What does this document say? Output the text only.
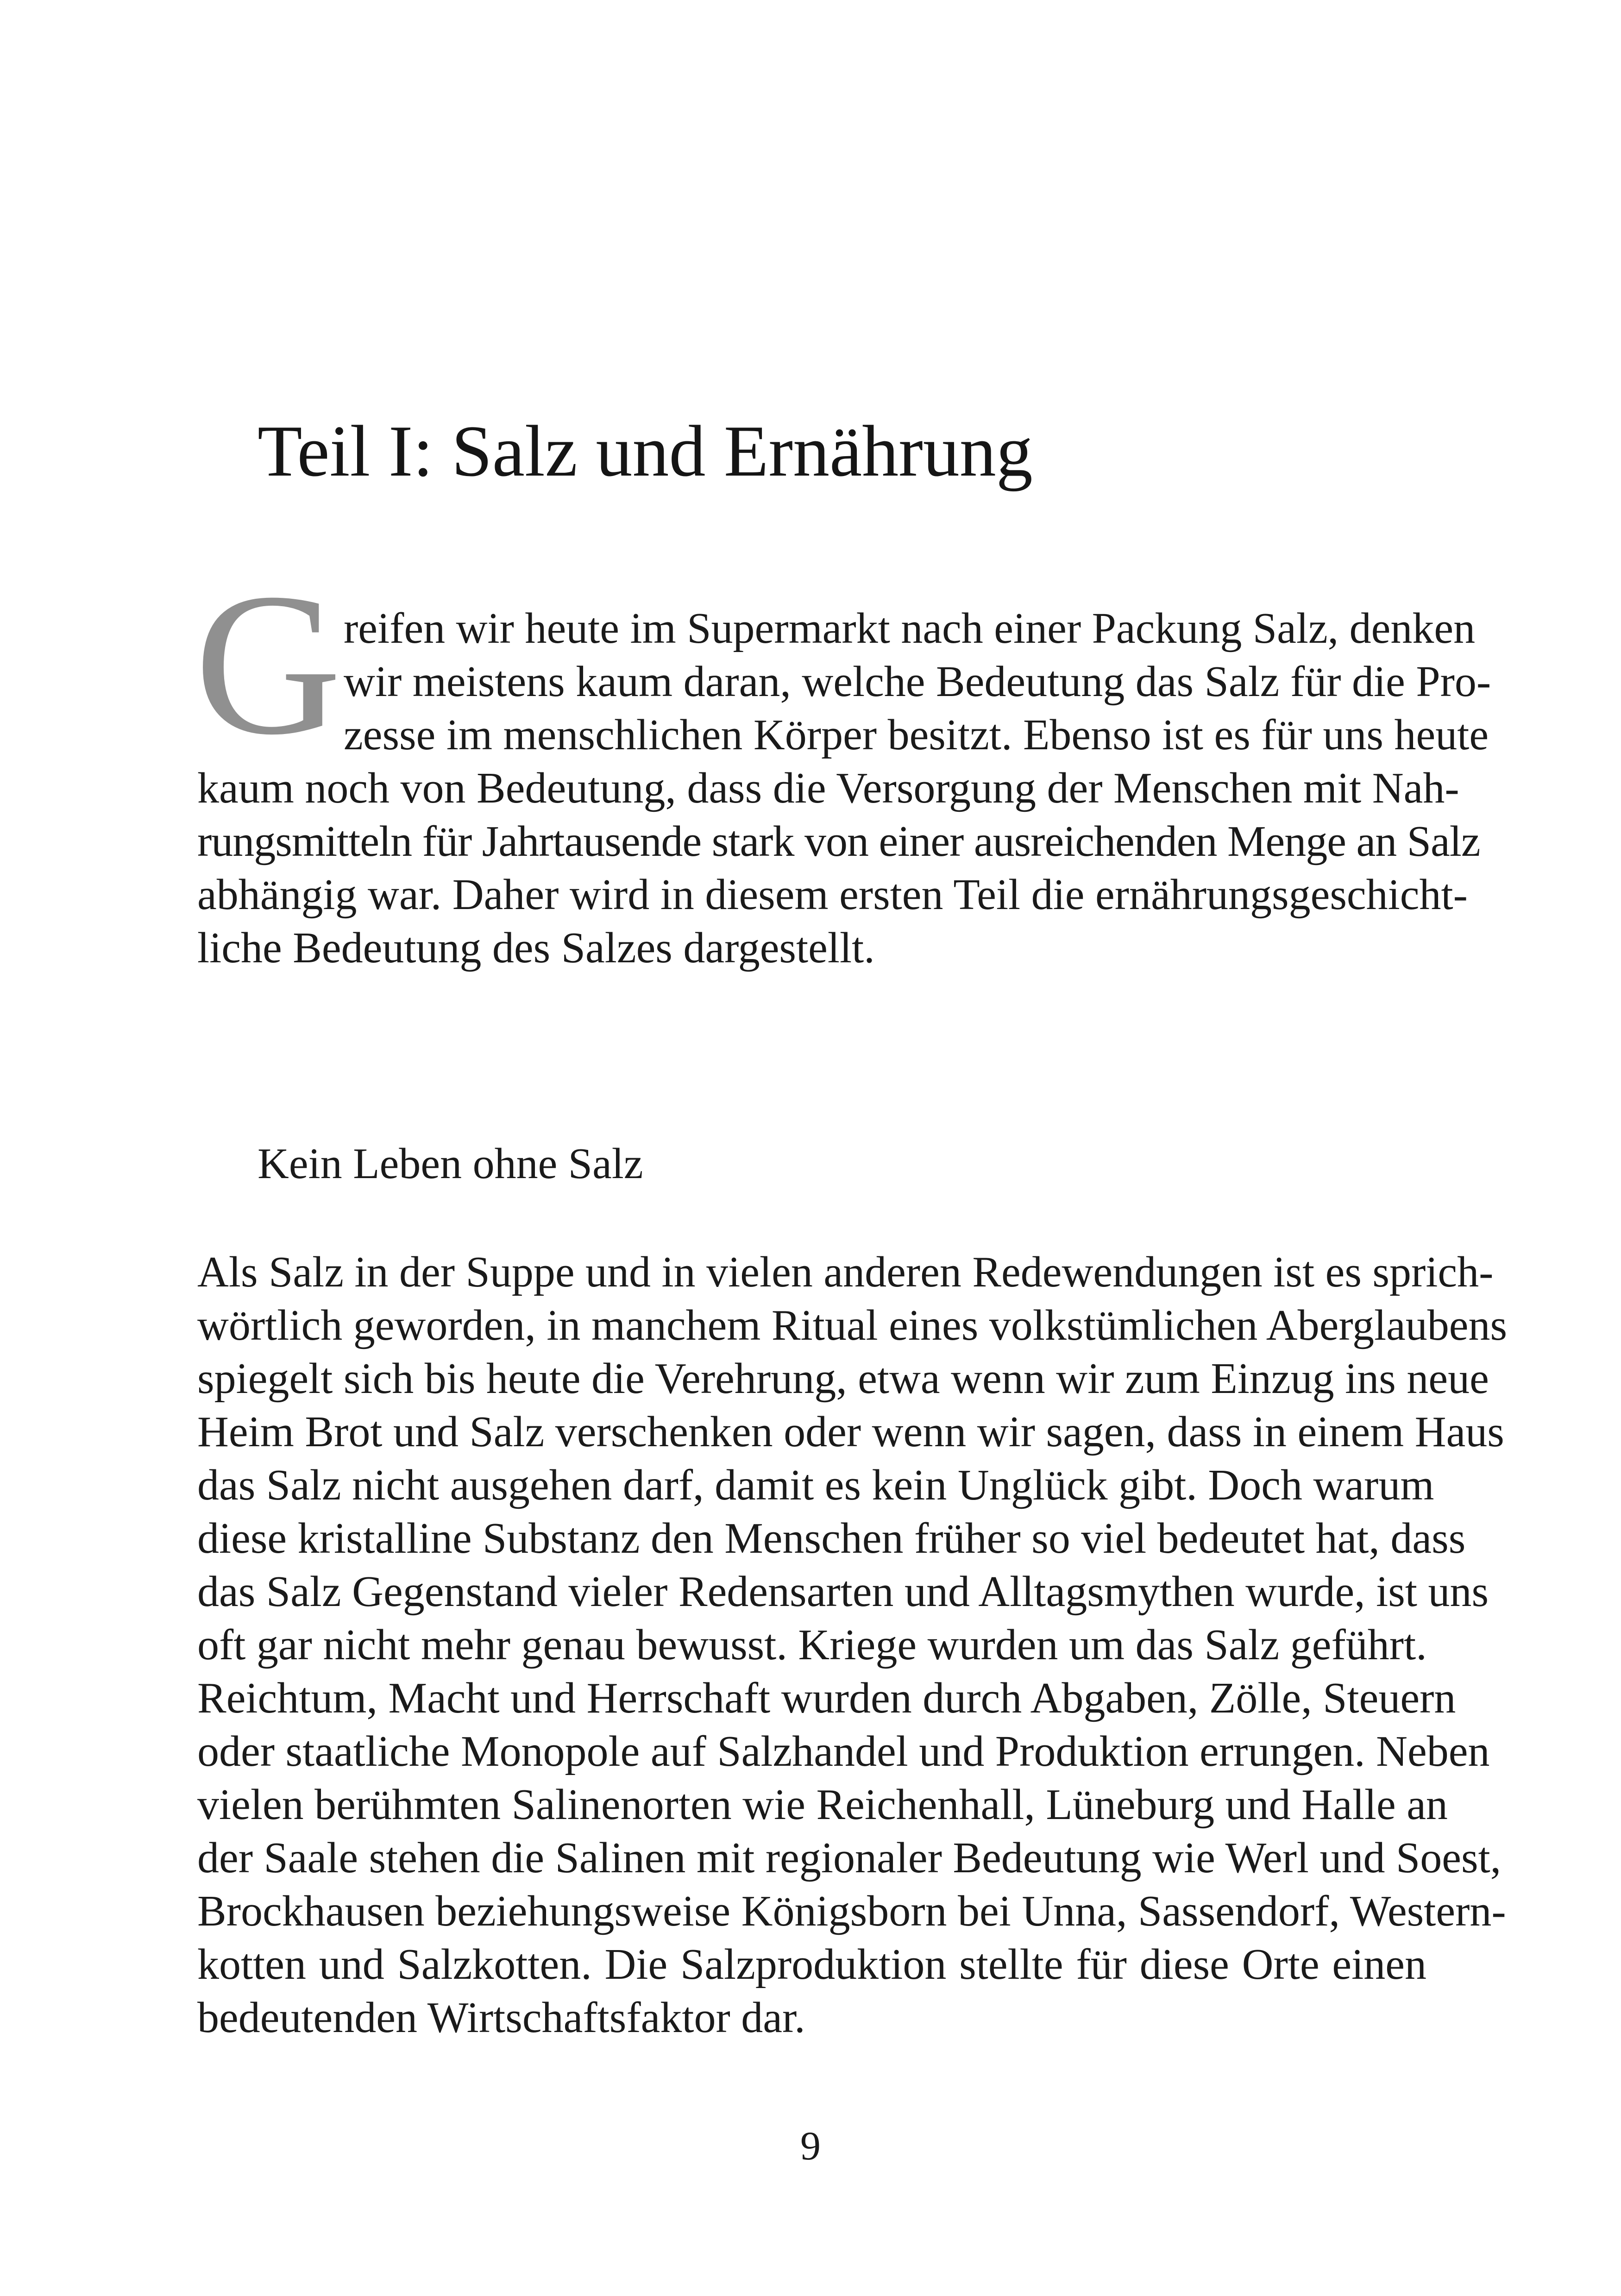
Teil I: Salz und Ernährung

G reifen wir heute im Supermarkt nach einer Packung Salz, denken

wir meistens kaum daran, welche Bedeutung das Salz für die Pro-

zesse im menschlichen Körper besitzt. Ebenso ist es für uns heute

kaum noch von Bedeutung, dass die Versorgung der Menschen mit Nah-

rungsmitteln für Jahrtausende stark von einer ausreichenden Menge an Salz

abhängig war. Daher wird in diesem ersten Teil die ernährungsgeschicht-

liche Bedeutung des Salzes dargestellt.

Kein Leben ohne Salz

Als Salz in der Suppe und in vielen anderen Redewendungen ist es sprich-

wörtlich geworden, in manchem Ritual eines volkstümlichen Aberglaubens

spiegelt sich bis heute die Verehrung, etwa wenn wir zum Einzug ins neue

Heim Brot und Salz verschenken oder wenn wir sagen, dass in einem Haus

das Salz nicht ausgehen darf, damit es kein Unglück gibt. Doch warum

diese kristalline Substanz den Menschen früher so viel bedeutet hat, dass

das Salz Gegenstand vieler Redensarten und Alltagsmythen wurde, ist uns

oft gar nicht mehr genau bewusst. Kriege wurden um das Salz geführt.

Reichtum, Macht und Herrschaft wurden durch Abgaben, Zölle, Steuern

oder staatliche Monopole auf Salzhandel und Produktion errungen. Neben

vielen berühmten Salinenorten wie Reichenhall, Lüneburg und Halle an

der Saale stehen die Salinen mit regionaler Bedeutung wie Werl und Soest,

Brockhausen beziehungsweise Königsborn bei Unna, Sassendorf, Western-

kotten und Salzkotten. Die Salzproduktion stellte für diese Orte einen

bedeutenden Wirtschaftsfaktor dar.

9
